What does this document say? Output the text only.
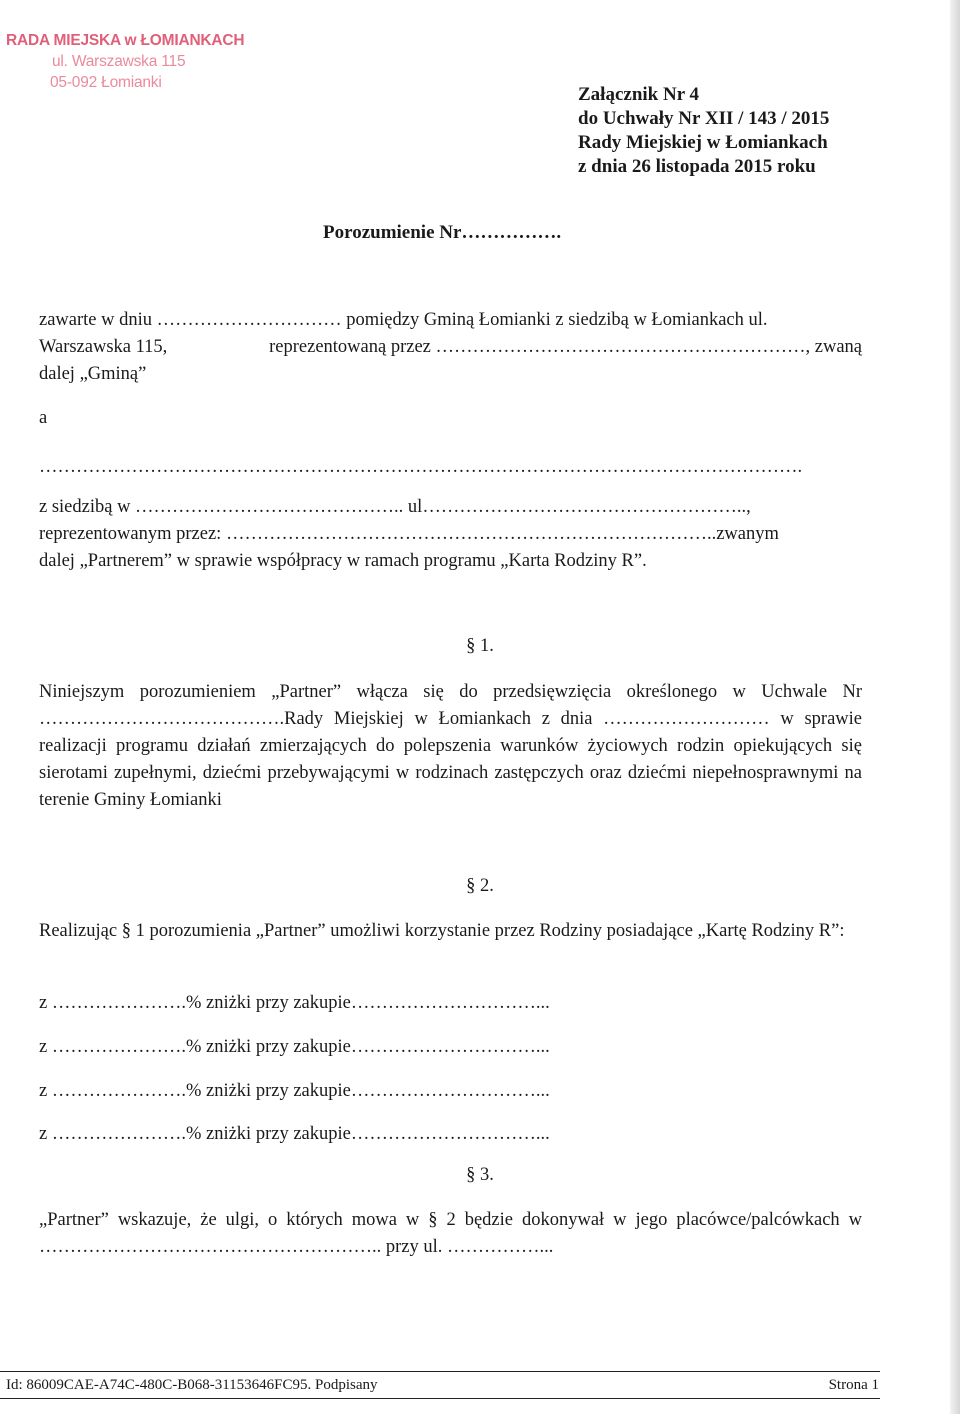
RADA MIEJSKA w ŁOMIANKACH
ul. Warszawska 115
05-092 Łomianki
Załącznik Nr 4
do Uchwały Nr XII / 143 / 2015
Rady Miejskiej w Łomiankach
z dnia 26 listopada 2015 roku
Porozumienie Nr…………….
zawarte w dniu ………………………… pomiędzy Gminą Łomianki z siedzibą w Łomiankach ul.
Warszawska 115,	reprezentowaną przez ……………………………………………………, zwaną
dalej „Gminą”
a
…………………………………………………………………………………………………………….
z siedzibą w …………………………………….. ul……………………………………………..,
reprezentowanym przez: ……………………………………………………………………..zwanym
dalej „Partnerem” w sprawie współpracy w ramach programu „Karta Rodziny R”.
§ 1.

Niniejszym porozumieniem „Partner” włącza się do przedsięwzięcia określonego w Uchwale Nr ………………………………….Rady Miejskiej w Łomiankach z dnia ……………………… w sprawie realizacji programu działań zmierzających do polepszenia warunków życiowych rodzin opiekujących się sierotami zupełnymi, dziećmi przebywającymi w rodzinach zastępczych oraz dziećmi niepełnosprawnymi na terenie Gminy Łomianki

§ 2.

Realizując § 1 porozumienia „Partner” umożliwi korzystanie przez Rodziny posiadające „Kartę Rodziny R”:

z ………………….% zniżki przy zakupie…………………………...
z ………………….% zniżki przy zakupie…………………………...
z ………………….% zniżki przy zakupie…………………………...
z ………………….% zniżki przy zakupie…………………………...
§ 3.

„Partner” wskazuje, że ulgi, o których mowa w § 2 będzie dokonywał w jego placówce/palcówkach w ……………………………………………….. przy ul. ……………...

Id: 86009CAE-A74C-480C-B068-31153646FC95. Podpisany	Strona 1
